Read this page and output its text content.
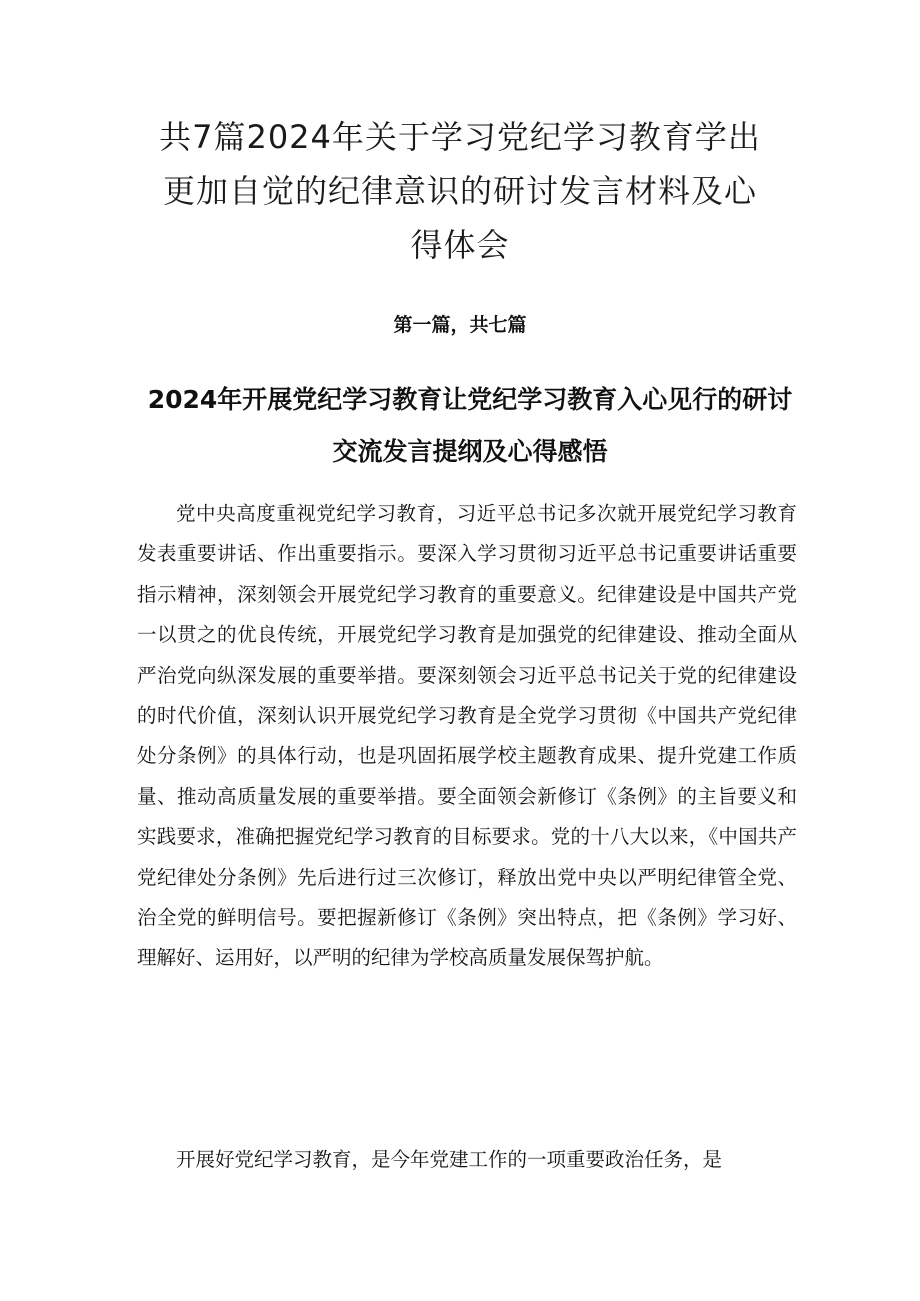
共7篇2024年关于学习党纪学习教育学出更加自觉的纪律意识的研讨发言材料及心得体会
第一篇，共七篇
2024年开展党纪学习教育让党纪学习教育入心见行的研讨交流发言提纲及心得感悟

党中央高度重视党纪学习教育，习近平总书记多次就开展党纪学习教育发表重要讲话、作出重要指示。要深入学习贯彻习近平总书记重要讲话重要指示精神，深刻领会开展党纪学习教育的重要意义。纪律建设是中国共产党一以贯之的优良传统，开展党纪学习教育是加强党的纪律建设、推动全面从严治党向纵深发展的重要举措。要深刻领会习近平总书记关于党的纪律建设的时代价值，深刻认识开展党纪学习教育是全党学习贯彻《中国共产党纪律处分条例》的具体行动，也是巩固拓展学校主题教育成果、提升党建工作质量、推动高质量发展的重要举措。要全面领会新修订《条例》的主旨要义和实践要求，准确把握党纪学习教育的目标要求。党的十八大以来，《中国共产党纪律处分条例》先后进行过三次修订，释放出党中央以严明纪律管全党、治全党的鲜明信号。要把握新修订《条例》突出特点，把《条例》学习好、理解好、运用好，以严明的纪律为学校高质量发展保驾护航。

开展好党纪学习教育，是今年党建工作的一项重要政治任务，是
